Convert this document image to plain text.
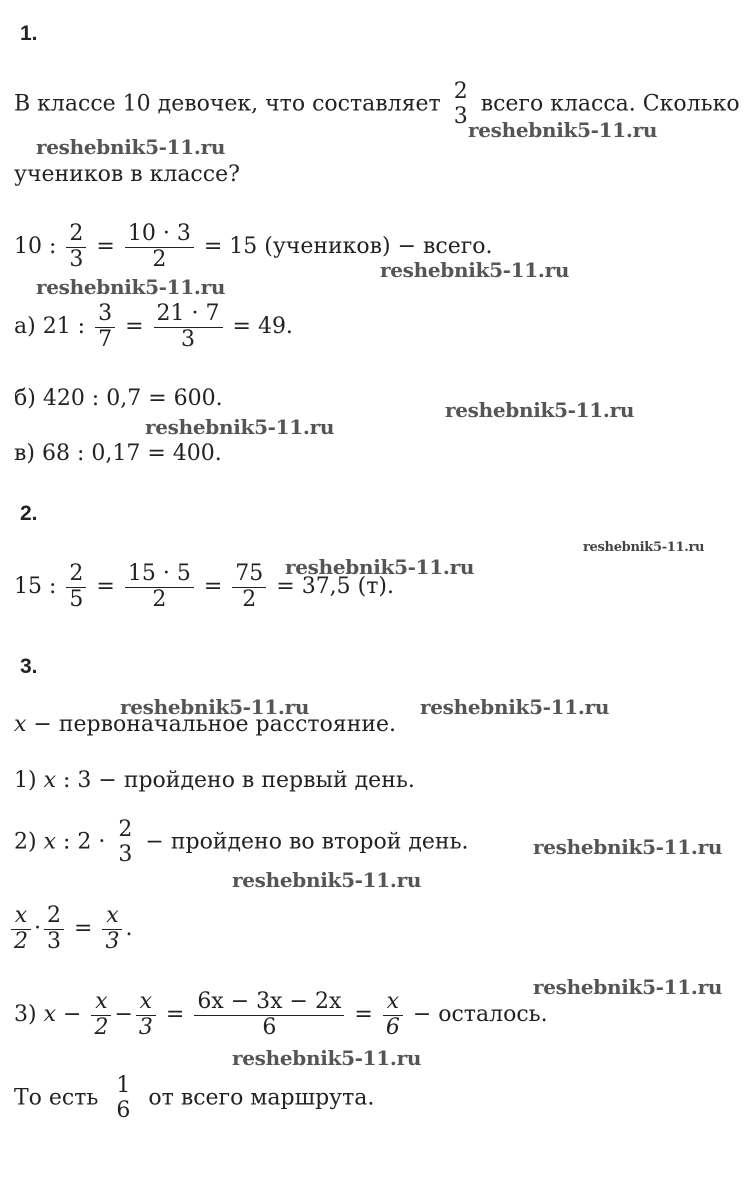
1.
В классе 10 девочек, что составляет
2
3 всего класса. Сколько
учеников в классе?
10 : $\frac{2}{3} = \frac{10 \cdot 3}{2} = 15$ (учеников) − всего.
а) 21 : $\frac{3}{7} = \frac{21 \cdot 7}{3} = 49$.
б) 420 : 0,7 = 600.
в) 68 : 0,17 = 400.
2.
15 : $\frac{2}{5} = \frac{15 \cdot 5}{2} = \frac{75}{2} = 37,5$ (т).
3.
x − первоначальное расстояние.
1) x : 3 − пройдено в первый день.
2) x : 2 ·
2
3 − пройдено во второй день.
$\frac{x}{2} \cdot \frac{2}{3} = \frac{x}{3}$ .
3) $x - \frac{x}{2} - \frac{x}{3} = \frac{6x - 3x - 2x}{6} = \frac{x}{6}$ − осталось.
То есть
1
6 от всего маршрута.
reshebnik5-11.ru
reshebnik5-11.ru
reshebnik5-11.ru
reshebnik5-11.ru
reshebnik5-11.ru
reshebnik5-11.ru
reshebnik5-11.ru
reshebnik5-11.ru
reshebnik5-11.ru	reshebnik5-11.ru
reshebnik5-11.ru
reshebnik5-11.ru
reshebnik5-11.ru
reshebnik5-11.ru
